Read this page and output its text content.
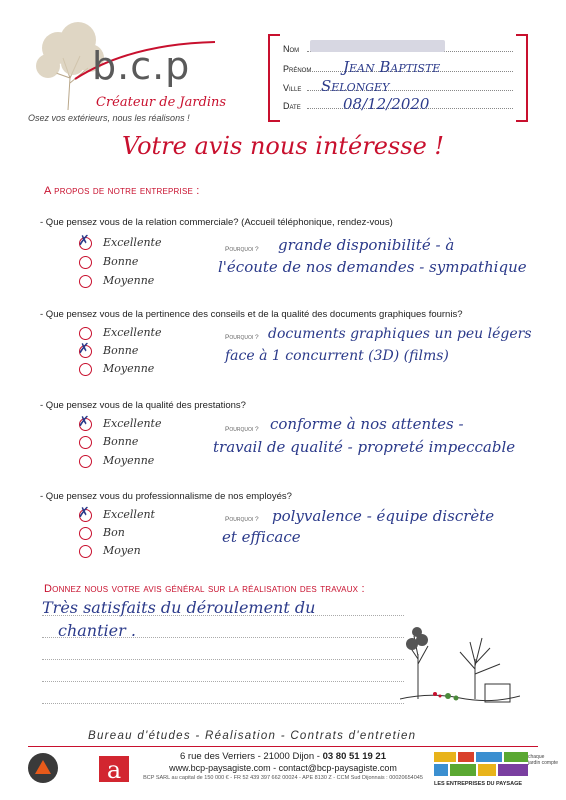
b.c.p
Créateur de Jardins
Osez vos extérieurs, nous les réalisons !
Nom
Prénom Jean Baptiste
Ville Selongey
Date	08/12/2020
Votre avis nous intéresse !
A propos de notre entreprise :
- Que pensez vous de la relation commerciale? (Accueil téléphonique, rendez-vous)
✗ Excellente
Bonne
Moyenne
Pourquoi ? grande disponibilité - à
l'écoute de nos demandes - sympathique
- Que pensez vous de la pertinence des conseils et de la qualité des documents graphiques fournis?
Excellente
✗ Bonne
Moyenne
Pourquoi ? documents graphiques un peu légers
face à 1 concurrent (3D) (films)
- Que pensez vous de la qualité des prestations?
✗ Excellente
Bonne
Moyenne
Pourquoi ? conforme à nos attentes -
travail de qualité - propreté impeccable
- Que pensez vous du professionnalisme de nos employés?
✗ Excellent
Bon
Moyen
Pourquoi ? polyvalence - équipe discrète
et efficace
Donnez nous votre avis général sur la réalisation des travaux :
Très satisfaits du déroulement du
chantier .
Bureau d'études - Réalisation - Contrats d'entretien
6 rue des Verriers - 21000 Dijon - 03 80 51 19 21
www.bcp-paysagiste.com - contact@bcp-paysagiste.com
BCP SARL au capital de 150 000 € - FR 52 439 397 662 00024 - APE 8130 Z - CCM Sud Dijonnais : 00020654045
a	LES ENTREPRISES DU PAYSAGE
chaque jardin compte
